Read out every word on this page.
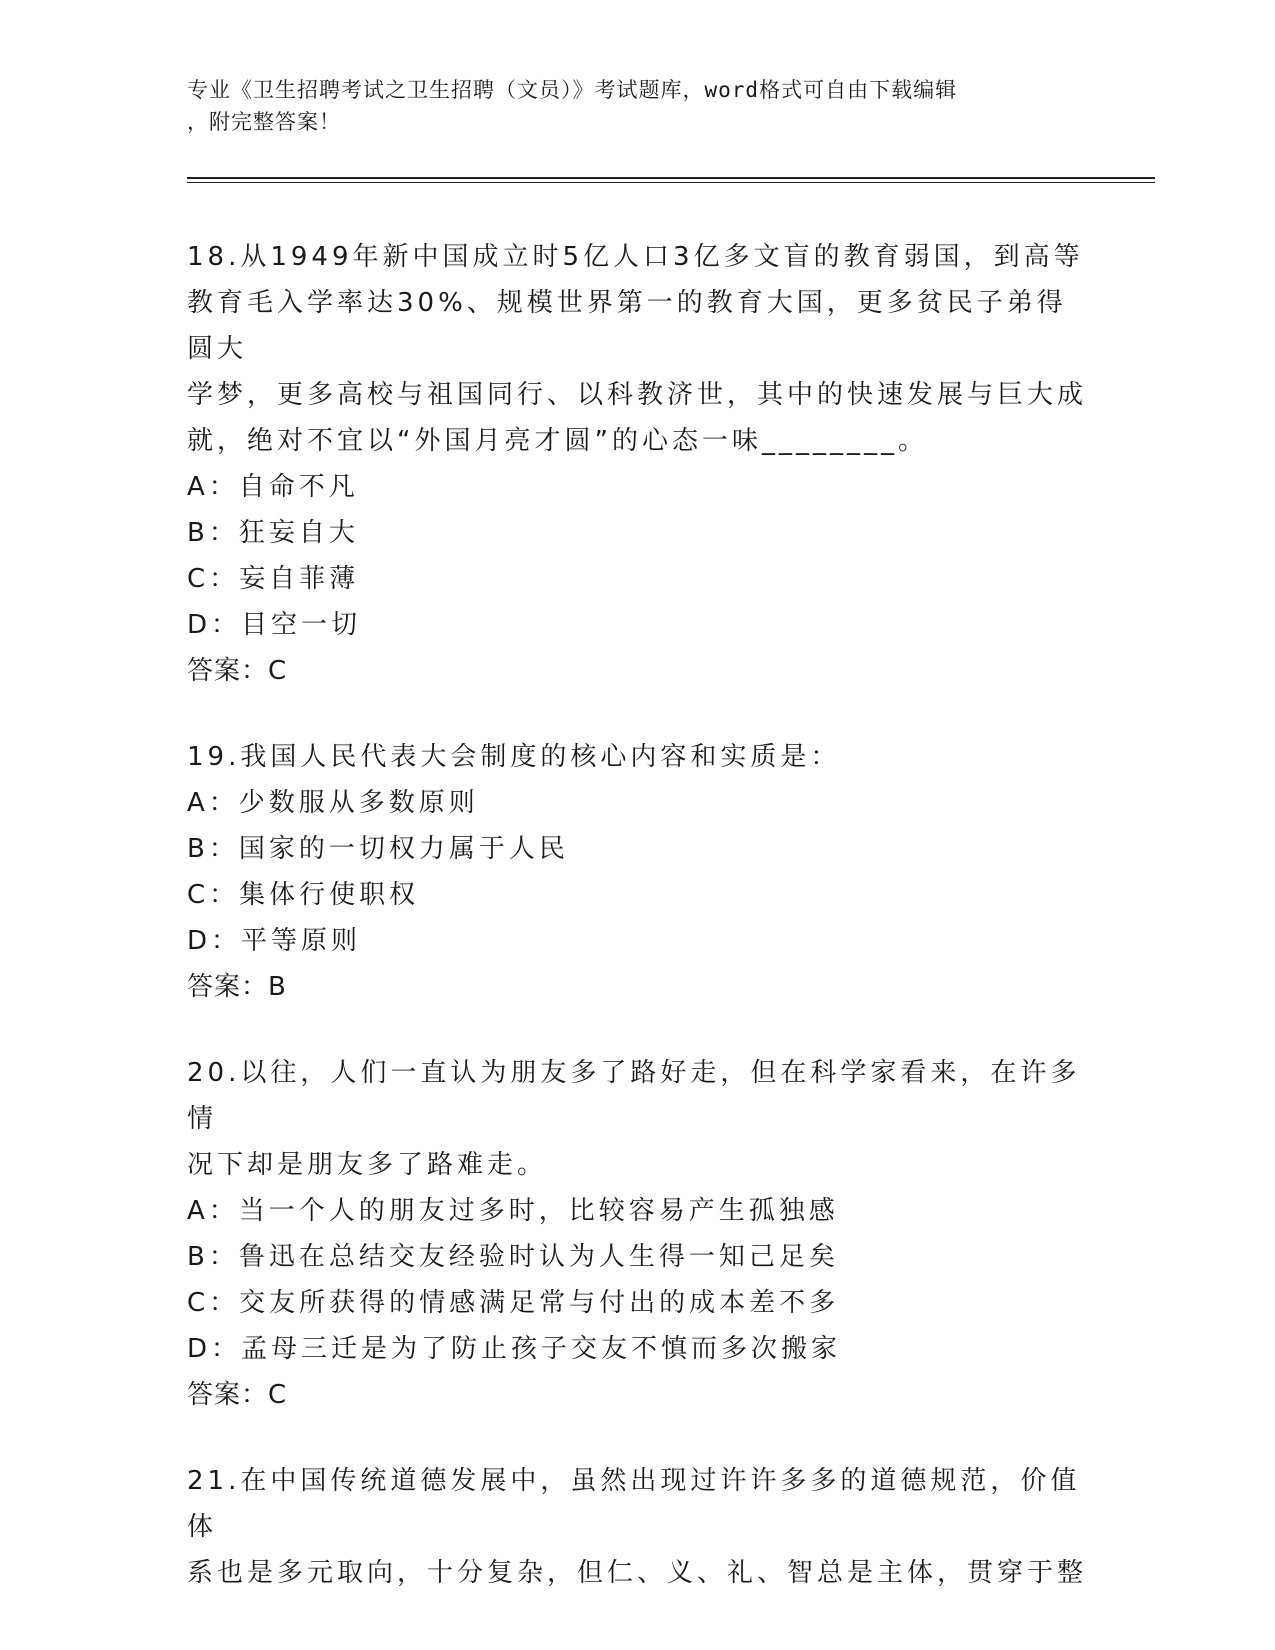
专业《卫生招聘考试之卫生招聘（文员）》考试题库，word格式可自由下载编辑
，附完整答案！
18.从1949年新中国成立时5亿人口3亿多文盲的教育弱国，到高等
教育毛入学率达30%、规模世界第一的教育大国，更多贫民子弟得圆大
学梦，更多高校与祖国同行、以科教济世，其中的快速发展与巨大成
就，绝对不宜以“外国月亮才圆”的心态一味________。
A：自命不凡
B：狂妄自大
C：妄自菲薄
D：目空一切
答案：C
19.我国人民代表大会制度的核心内容和实质是：
A：少数服从多数原则
B：国家的一切权力属于人民
C：集体行使职权
D：平等原则
答案：B
20.以往，人们一直认为朋友多了路好走，但在科学家看来，在许多情
况下却是朋友多了路难走。
A：当一个人的朋友过多时，比较容易产生孤独感
B：鲁迅在总结交友经验时认为人生得一知己足矣
C：交友所获得的情感满足常与付出的成本差不多
D：孟母三迁是为了防止孩子交友不慎而多次搬家
答案：C
21.在中国传统道德发展中，虽然出现过许许多多的道德规范，价值体
系也是多元取向，十分复杂，但仁、义、礼、智总是主体，贯穿于整
